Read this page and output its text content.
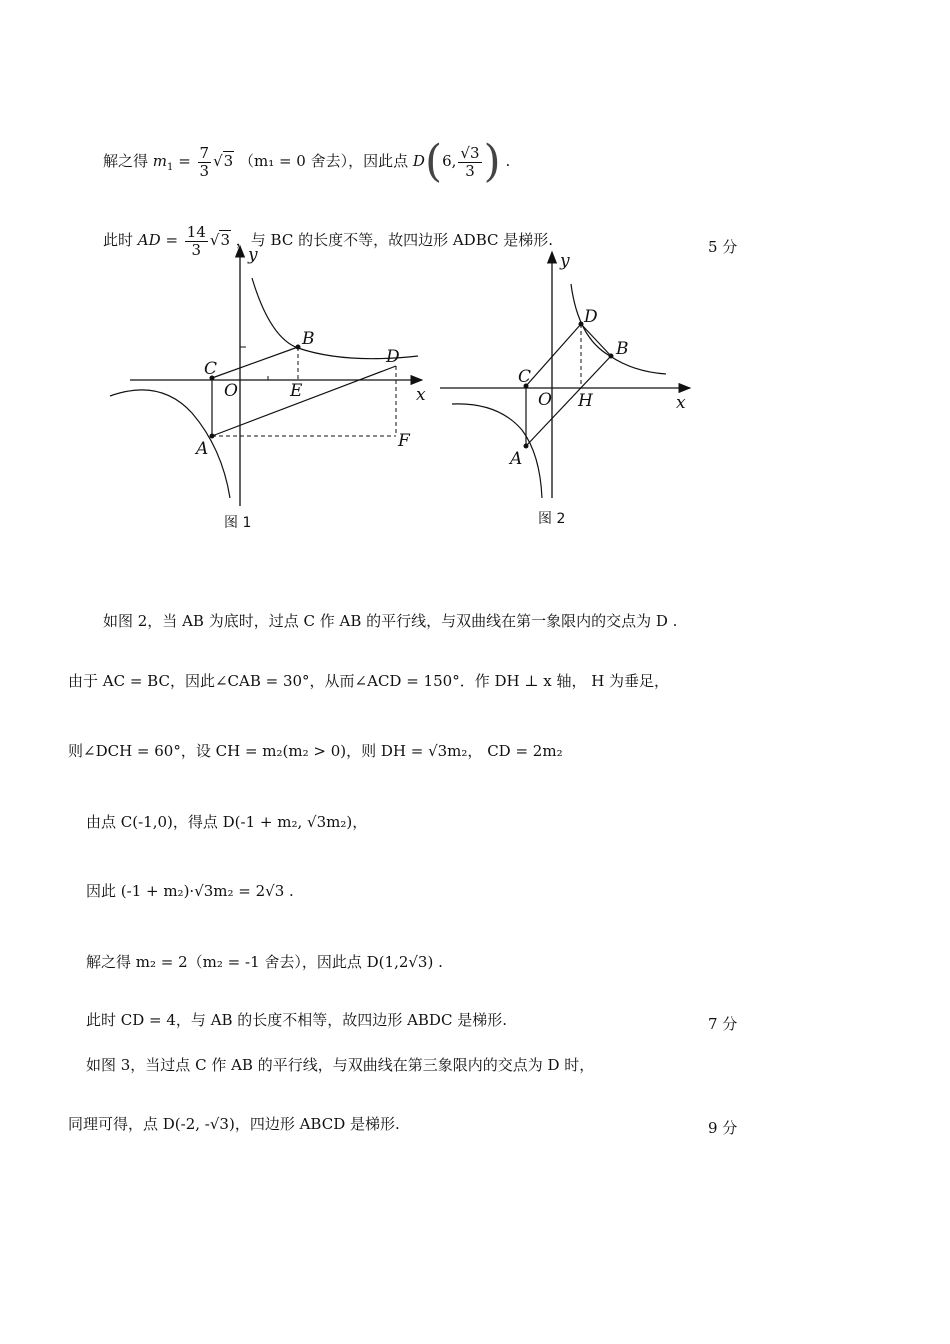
解之得 $m_1 = \frac{7}{3} √3$ （m₁ = 0 舍去），因此点 D(6, $\frac{√3}{3}$ ) .
此时 AD = $\frac{14}{3} √3$ ，与 BC 的长度不等，故四边形 ADBC 是梯形.	5 分
y
x
C
O
B
E
D
A	F
图 1
y
x
C
O
D
B
H
A
图 2
如图 2，当 AB 为底时，过点 C 作 AB 的平行线，与双曲线在第一象限内的交点为 D .
由于 AC = BC，因此∠CAB = 30°，从而∠ACD = 150°．作 DH ⊥ x 轴， H 为垂足，
则∠DCH = 60°，设 CH = m₂(m₂ > 0)，则 DH = √3m₂， CD = 2m₂
由点 C(-1,0)，得点 D(-1 + m₂, √3m₂)，
因此 (-1 + m₂)·√3m₂ = 2√3 .
解之得 m₂ = 2（m₂ = -1 舍去），因此点 D(1,2√3) .
此时 CD = 4，与 AB 的长度不相等，故四边形 ABDC 是梯形.	7 分
如图 3，当过点 C 作 AB 的平行线，与双曲线在第三象限内的交点为 D 时，
同理可得，点 D(-2, -√3)，四边形 ABCD 是梯形.	9 分
